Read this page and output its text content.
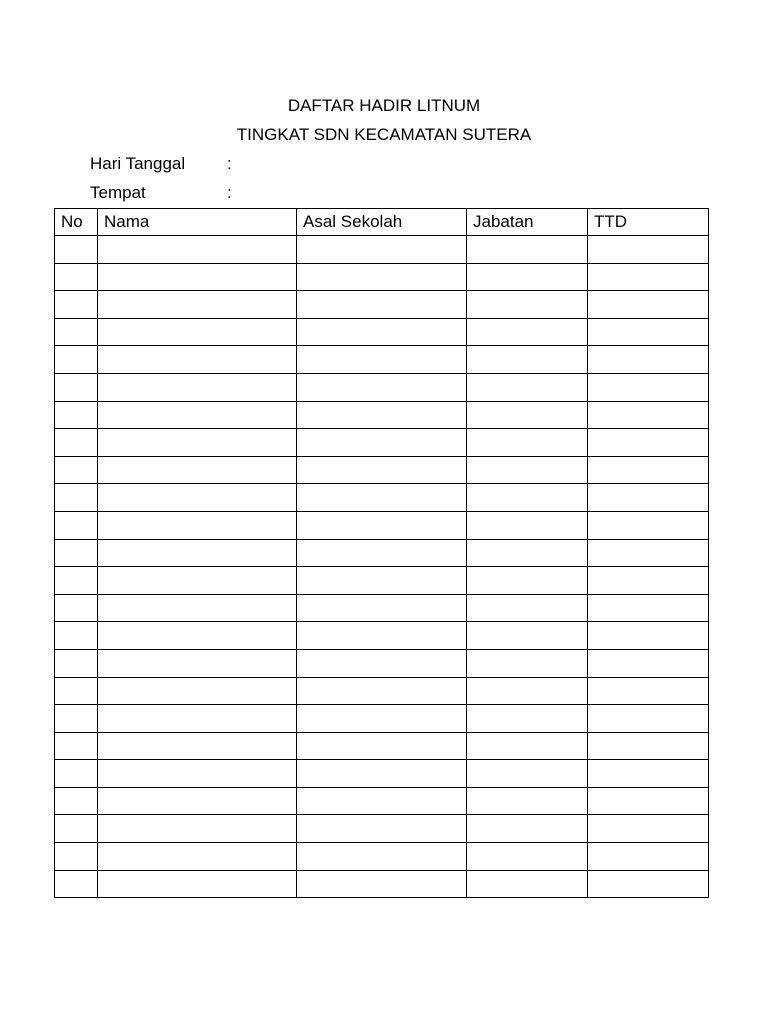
DAFTAR HADIR LITNUM
TINGKAT SDN KECAMATAN SUTERA
Hari Tanggal :
Tempat	:
No	Nama	Asal Sekolah	Jabatan	TTD
